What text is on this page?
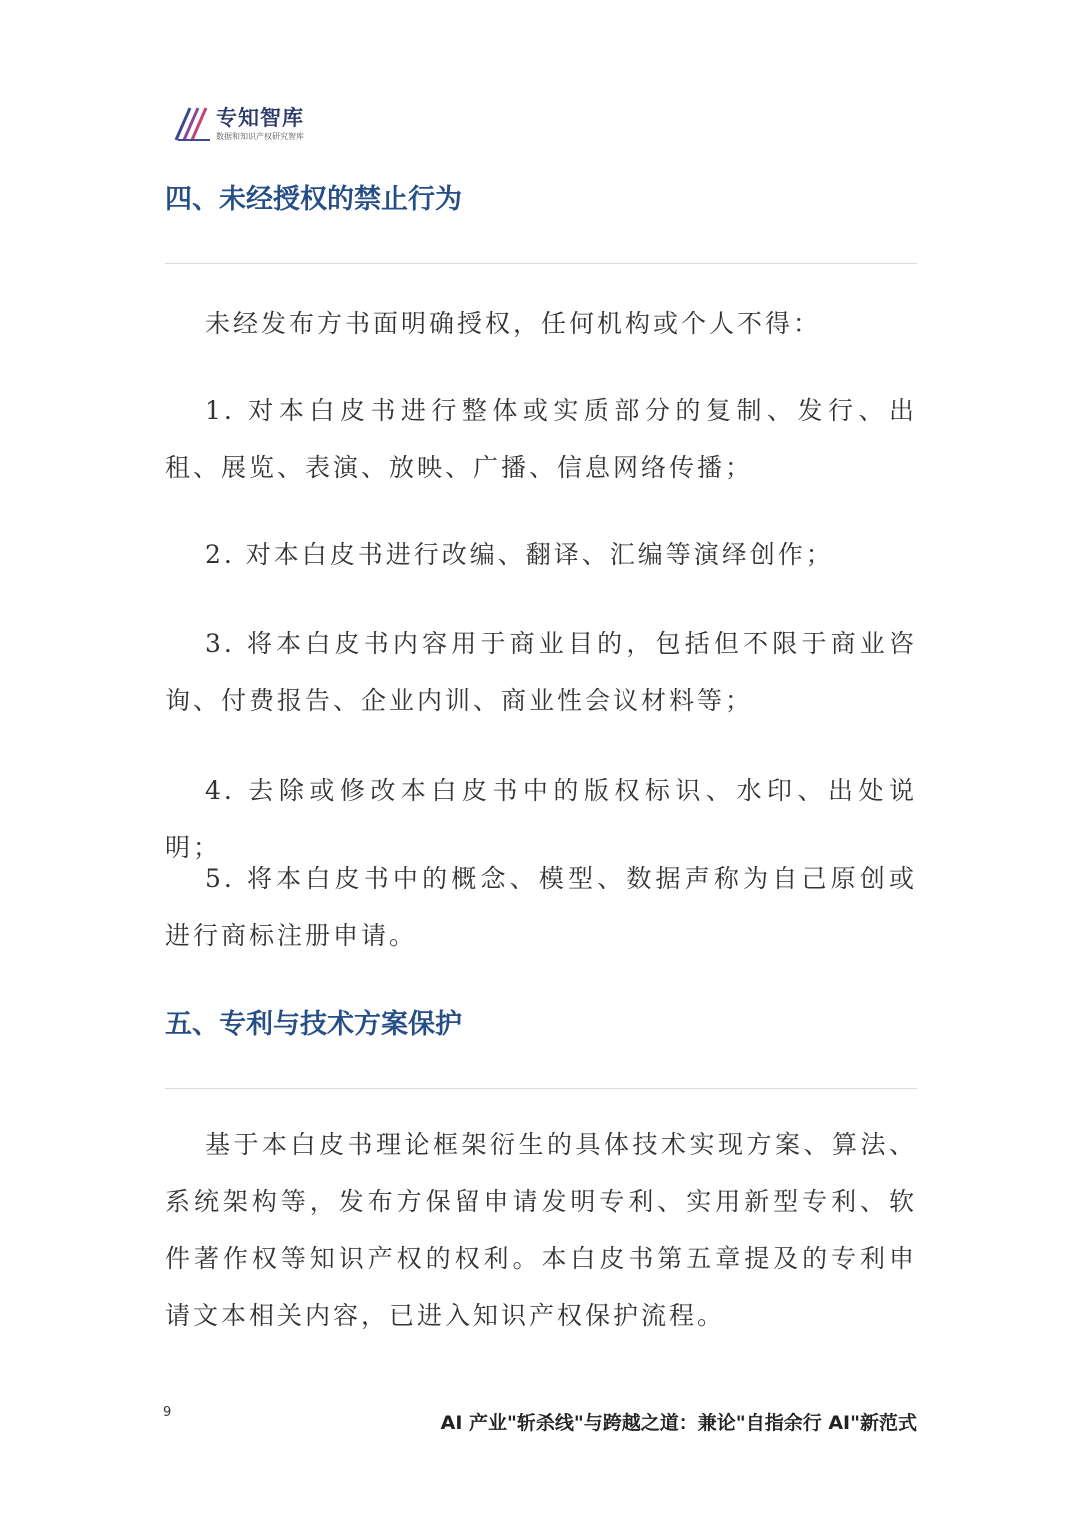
专知智库
数据和知识产权研究智库
四、未经授权的禁止行为

未经发布方书面明确授权，任何机构或个人不得：

1. 对本白皮书进行整体或实质部分的复制、发行、出租、展览、表演、放映、广播、信息网络传播；

2. 对本白皮书进行改编、翻译、汇编等演绎创作；

3. 将本白皮书内容用于商业目的，包括但不限于商业咨询、付费报告、企业内训、商业性会议材料等；

4. 去除或修改本白皮书中的版权标识、水印、出处说明；

5. 将本白皮书中的概念、模型、数据声称为自己原创或进行商标注册申请。

五、专利与技术方案保护

基于本白皮书理论框架衍生的具体技术实现方案、算法、系统架构等，发布方保留申请发明专利、实用新型专利、软件著作权等知识产权的权利。本白皮书第五章提及的专利申请文本相关内容，已进入知识产权保护流程。

9	AI 产业"斩杀线"与跨越之道：兼论"自指余行 AI"新范式
